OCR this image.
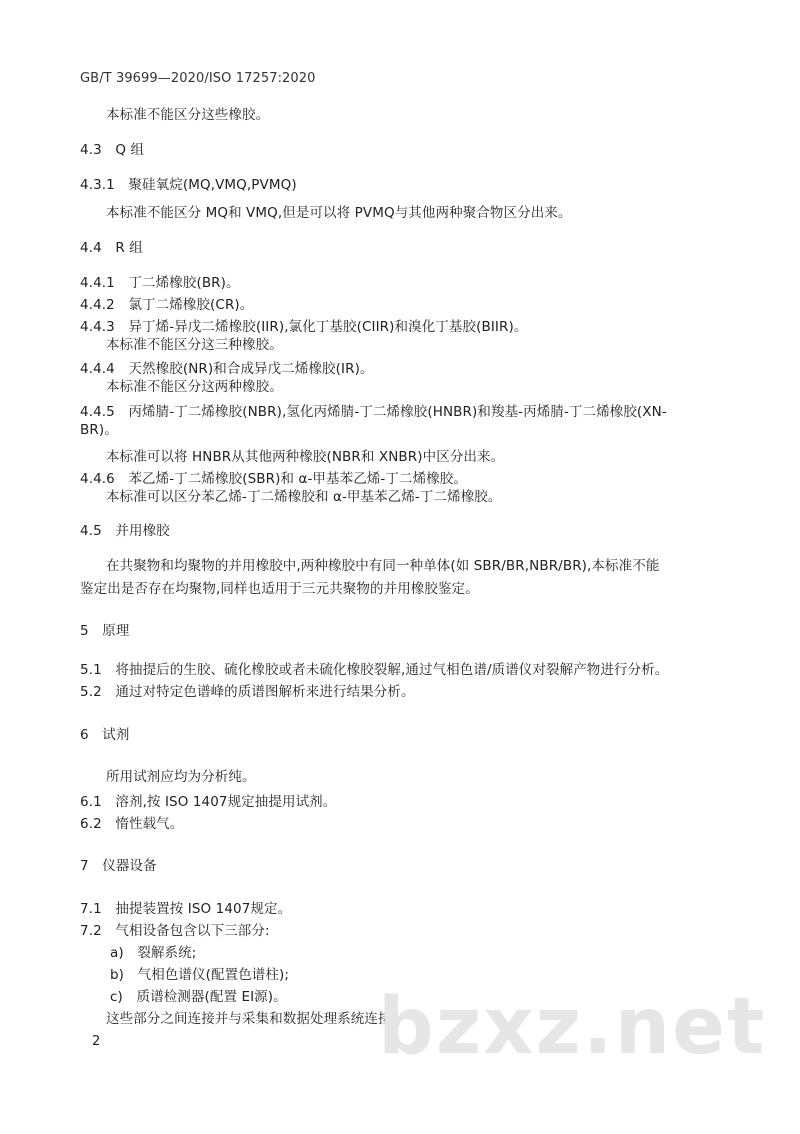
GB/T 39699—2020/ISO 17257:2020
本标准不能区分这些橡胶。
4.3　Q 组
4.3.1　聚硅氧烷(MQ,VMQ,PVMQ)
本标准不能区分 MQ和 VMQ,但是可以将 PVMQ与其他两种聚合物区分出来。
4.4　R 组
4.4.1　丁二烯橡胶(BR)。
4.4.2　氯丁二烯橡胶(CR)。
4.4.3　异丁烯-异戊二烯橡胶(IIR),氯化丁基胶(CIIR)和溴化丁基胶(BIIR)。
本标准不能区分这三种橡胶。
4.4.4　天然橡胶(NR)和合成异戊二烯橡胶(IR)。
本标准不能区分这两种橡胶。
4.4.5　丙烯腈-丁二烯橡胶(NBR),氢化丙烯腈-丁二烯橡胶(HNBR)和羧基-丙烯腈-丁二烯橡胶(XN-
BR)。
本标准可以将 HNBR从其他两种橡胶(NBR和 XNBR)中区分出来。
4.4.6　苯乙烯-丁二烯橡胶(SBR)和 α-甲基苯乙烯-丁二烯橡胶。
本标准可以区分苯乙烯-丁二烯橡胶和 α-甲基苯乙烯-丁二烯橡胶。
4.5　并用橡胶
在共聚物和均聚物的并用橡胶中,两种橡胶中有同一种单体(如 SBR/BR,NBR/BR),本标准不能
鉴定出是否存在均聚物,同样也适用于三元共聚物的并用橡胶鉴定。
5　原理
5.1　将抽提后的生胶、硫化橡胶或者未硫化橡胶裂解,通过气相色谱/质谱仪对裂解产物进行分析。
5.2　通过对特定色谱峰的质谱图解析来进行结果分析。
6　试剂
所用试剂应均为分析纯。
6.1　溶剂,按 ISO 1407规定抽提用试剂。
6.2　惰性载气。
7　仪器设备
7.1　抽提装置按 ISO 1407规定。
7.2　气相设备包含以下三部分:
a)　裂解系统;
b)　气相色谱仪(配置色谱柱);
c)　质谱检测器(配置 EI源)。
这些部分之间连接并与采集和数据处理系统连接。
bzxz.net
2
